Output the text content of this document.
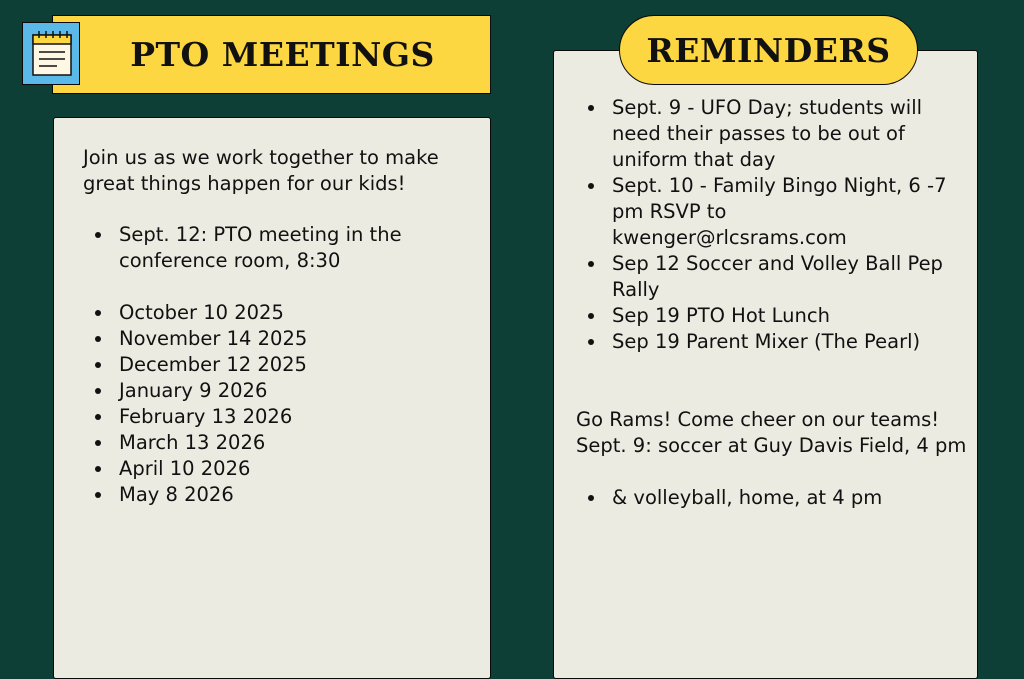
Join us as we work together to make great things happen for our kids!
Sept. 12: PTO meeting in the conference room, 8:30
October 10 2025
November 14 2025
December 12 2025
January 9 2026
February 13 2026
March 13 2026
April 10 2026
May 8 2026
Sept. 9 - UFO Day; students will need their passes to be out of uniform that day
Sept. 10 - Family Bingo Night, 6 -7 pm RSVP to kwenger@rlcsrams.com
Sep 12 Soccer and Volley Ball Pep Rally
Sep 19 PTO Hot Lunch
Sep 19 Parent Mixer (The Pearl)
Go Rams! Come cheer on our teams!
Sept. 9: soccer at Guy Davis Field, 4 pm
& volleyball, home, at 4 pm
PTO MEETINGS	REMINDERS
